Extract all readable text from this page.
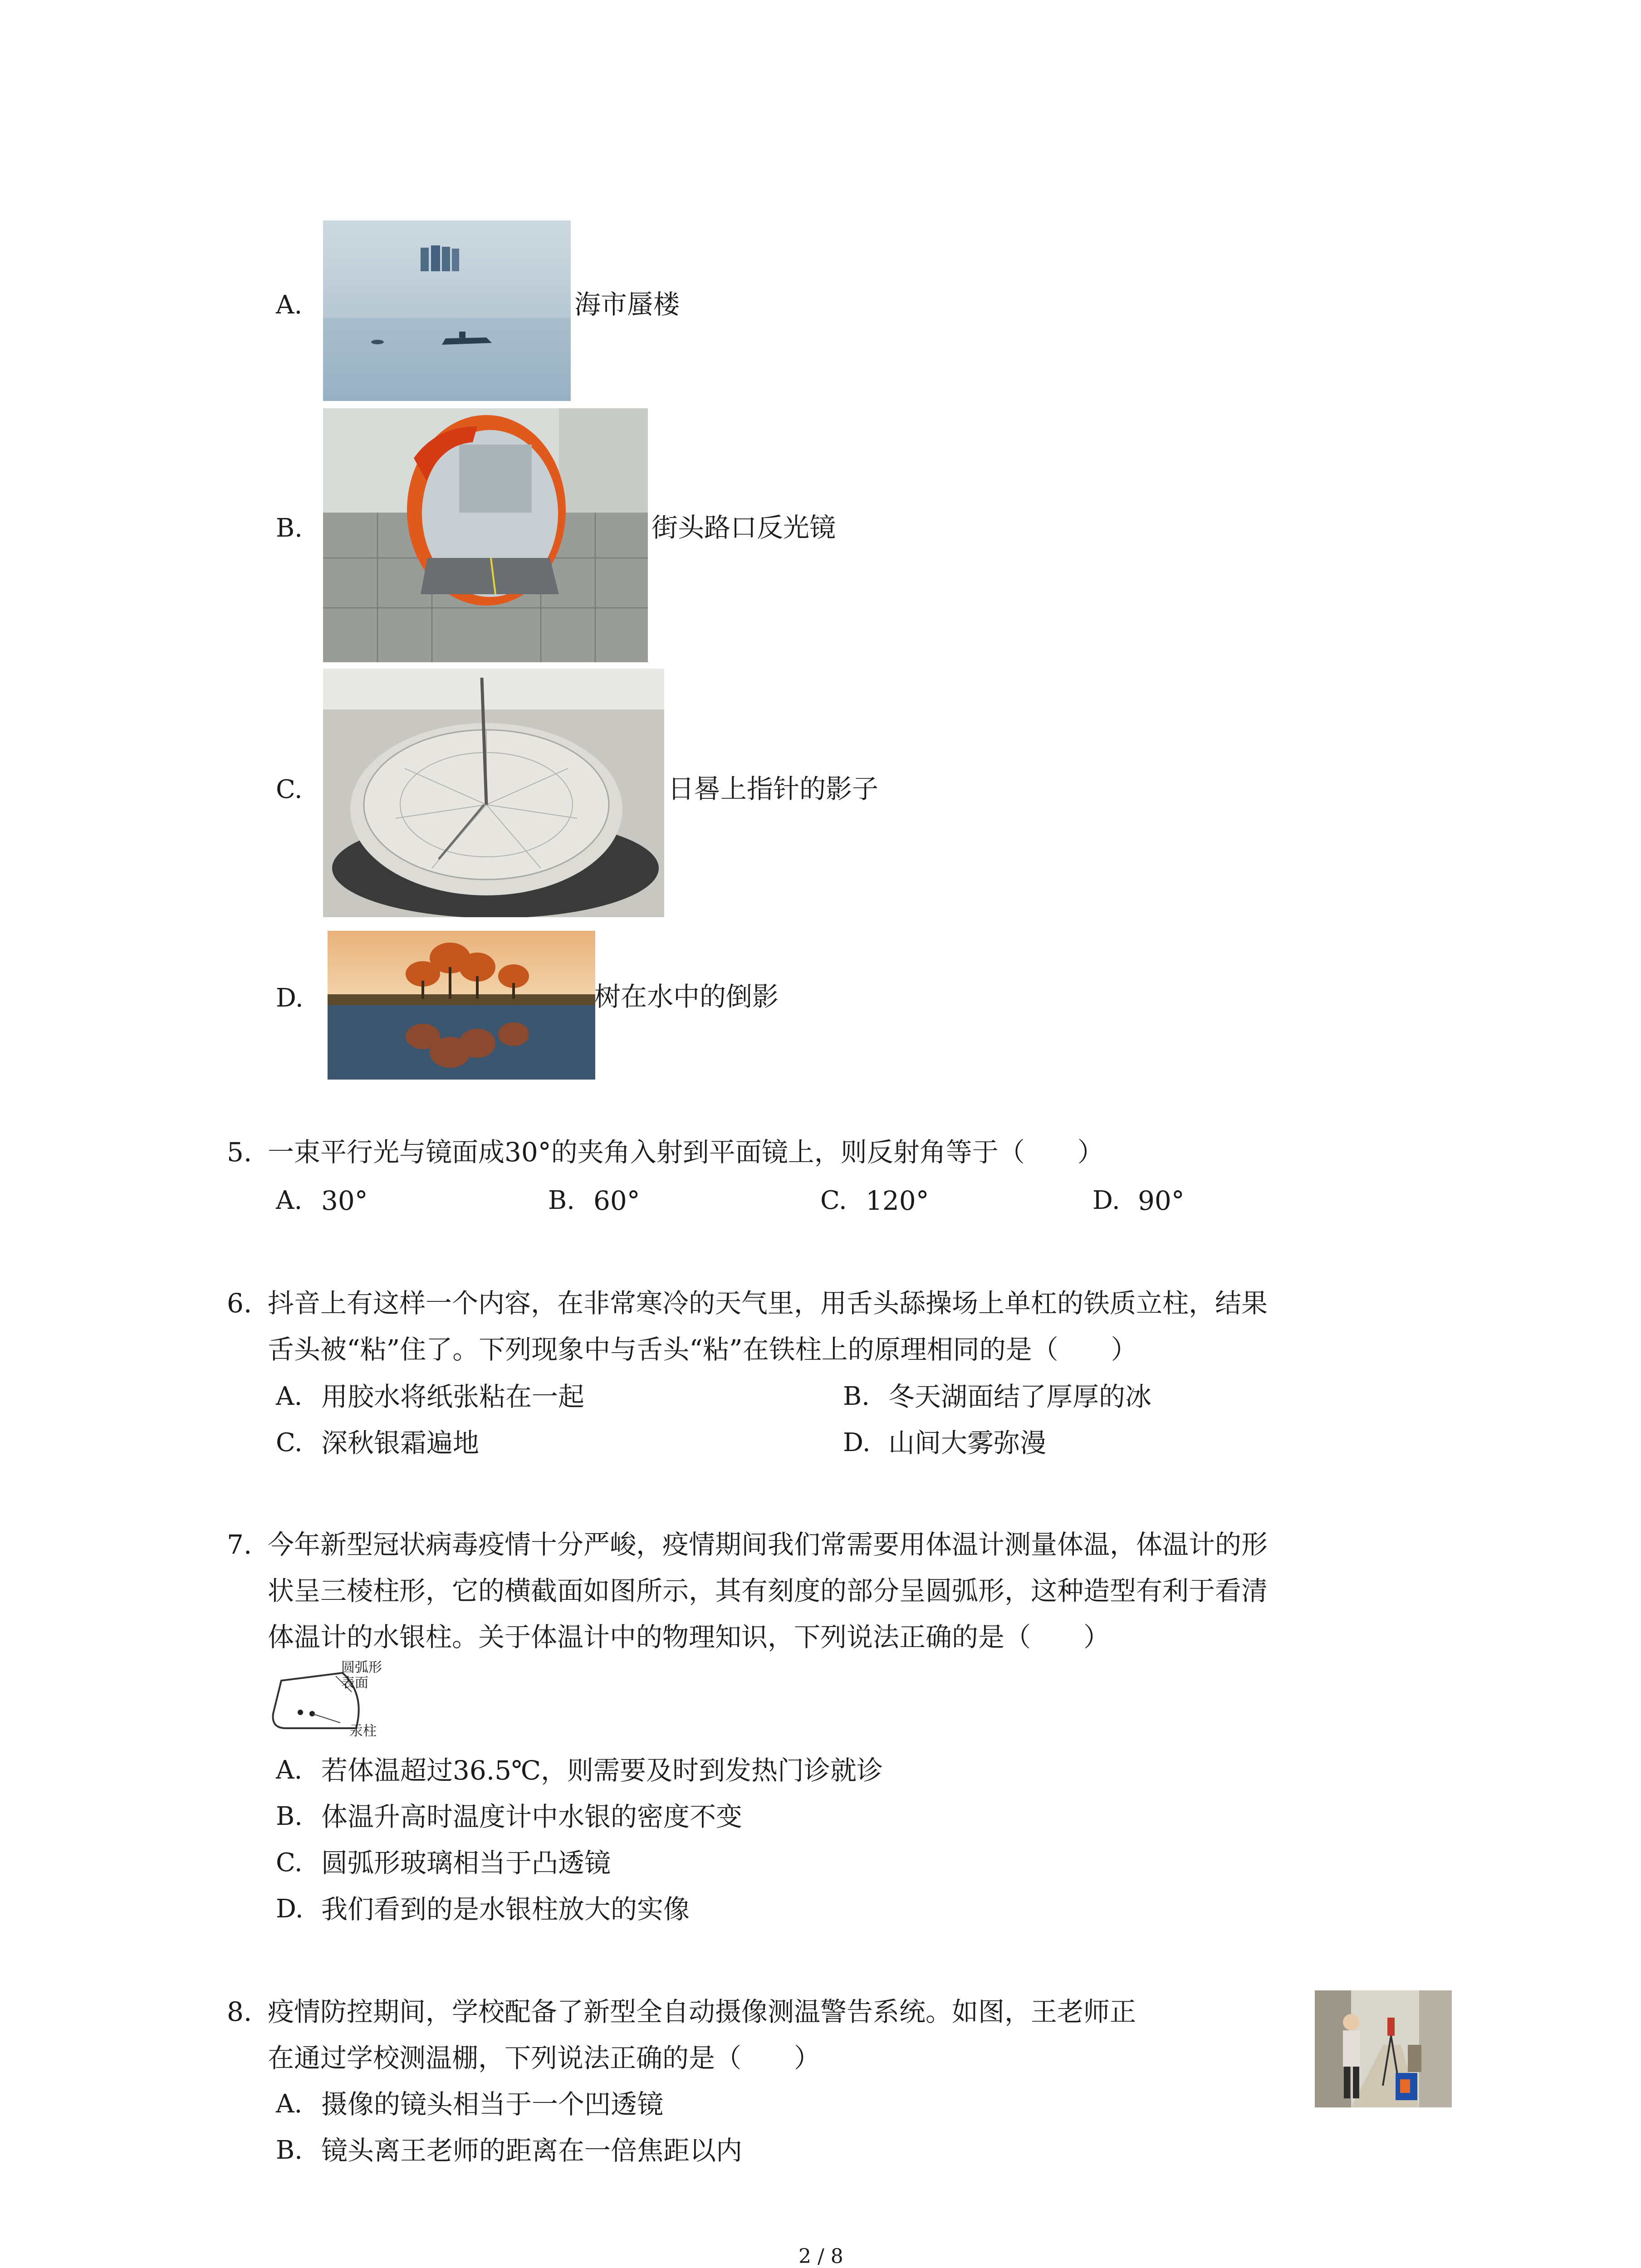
A.	海市蜃楼
B.	街头路口反光镜
C.	日晷上指针的影子
D.	树在水中的倒影
5. 一束平行光与镜面成30°的夹角入射到平面镜上，则反射角等于（　　）
A. 30°	B. 60°	C. 120°	D. 90°
6. 抖音上有这样一个内容，在非常寒冷的天气里，用舌头舔操场上单杠的铁质立柱，结果
舌头被“粘”住了。下列现象中与舌头“粘”在铁柱上的原理相同的是（　　）
A. 用胶水将纸张粘在一起	B. 冬天湖面结了厚厚的冰
C. 深秋银霜遍地	D. 山间大雾弥漫
7. 今年新型冠状病毒疫情十分严峻，疫情期间我们常需要用体温计测量体温，体温计的形
状呈三棱柱形，它的横截面如图所示，其有刻度的部分呈圆弧形，这种造型有利于看清
体温计的水银柱。关于体温计中的物理知识，下列说法正确的是（　　）
圆弧形
表面
汞柱
A. 若体温超过36.5℃，则需要及时到发热门诊就诊
B. 体温升高时温度计中水银的密度不变
C. 圆弧形玻璃相当于凸透镜
D. 我们看到的是水银柱放大的实像
8. 疫情防控期间，学校配备了新型全自动摄像测温警告系统。如图，王老师正
在通过学校测温棚，下列说法正确的是（　　）
A. 摄像的镜头相当于一个凹透镜
B. 镜头离王老师的距离在一倍焦距以内
2 / 8
